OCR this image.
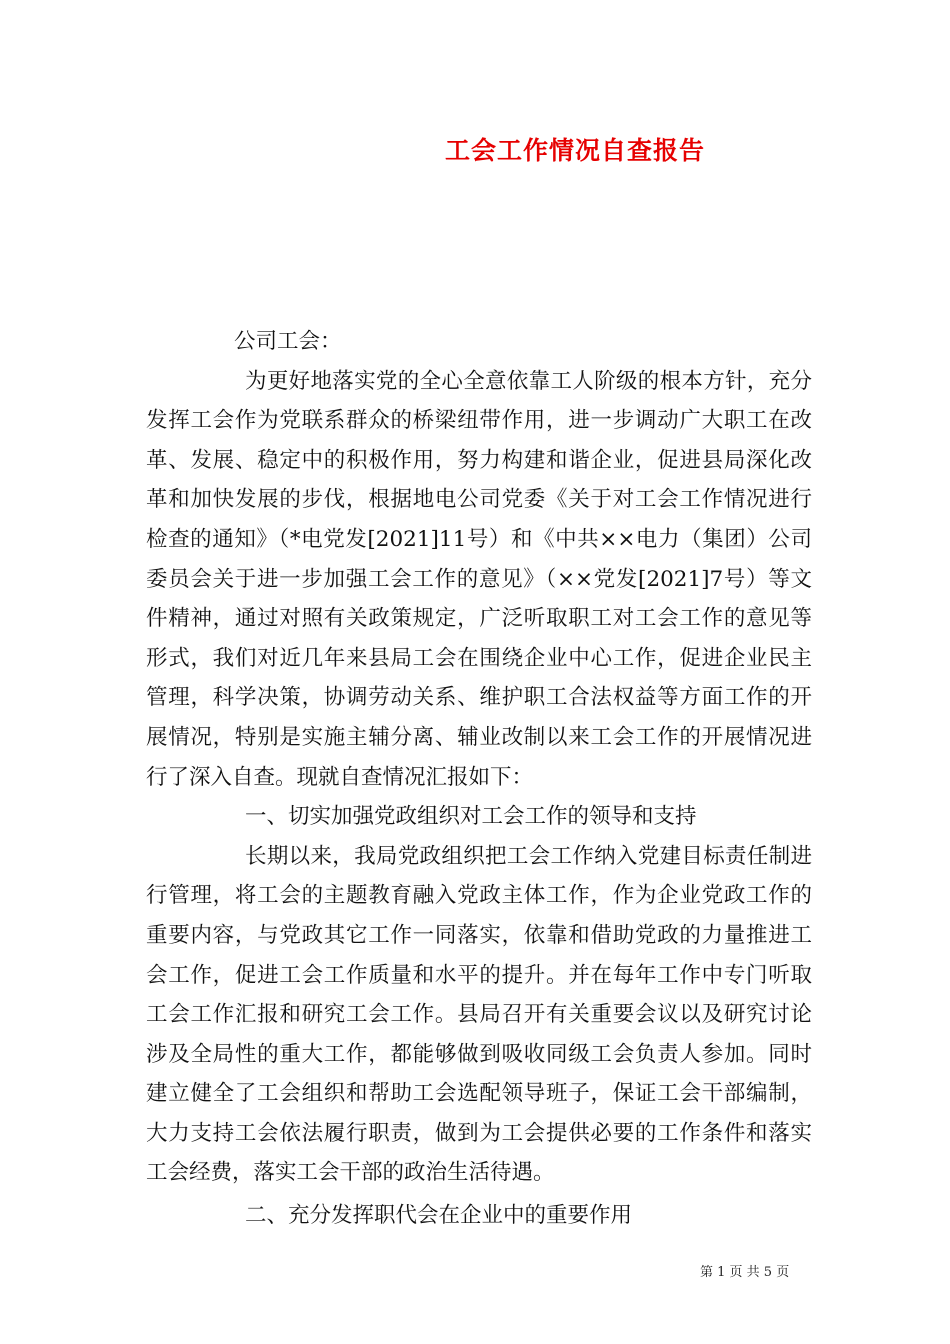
工会工作情况自查报告

公司工会：

为更好地落实党的全心全意依靠工人阶级的根本方针，充分发挥工会作为党联系群众的桥梁纽带作用，进一步调动广大职工在改革、发展、稳定中的积极作用，努力构建和谐企业，促进县局深化改革和加快发展的步伐，根据地电公司党委《关于对工会工作情况进行检查的通知》（*电党发[2021]11号）和《中共××电力（集团）公司委员会关于进一步加强工会工作的意见》（××党发[2021]7号）等文件精神，通过对照有关政策规定，广泛听取职工对工会工作的意见等形式，我们对近几年来县局工会在围绕企业中心工作，促进企业民主管理，科学决策，协调劳动关系、维护职工合法权益等方面工作的开展情况，特别是实施主辅分离、辅业改制以来工会工作的开展情况进行了深入自查。现就自查情况汇报如下：

一、切实加强党政组织对工会工作的领导和支持

长期以来，我局党政组织把工会工作纳入党建目标责任制进行管理，将工会的主题教育融入党政主体工作，作为企业党政工作的重要内容，与党政其它工作一同落实，依靠和借助党政的力量推进工会工作，促进工会工作质量和水平的提升。并在每年工作中专门听取工会工作汇报和研究工会工作。县局召开有关重要会议以及研究讨论涉及全局性的重大工作，都能够做到吸收同级工会负责人参加。同时建立健全了工会组织和帮助工会选配领导班子，保证工会干部编制，大力支持工会依法履行职责，做到为工会提供必要的工作条件和落实工会经费，落实工会干部的政治生活待遇。

二、充分发挥职代会在企业中的重要作用

第 1 页 共 5 页
